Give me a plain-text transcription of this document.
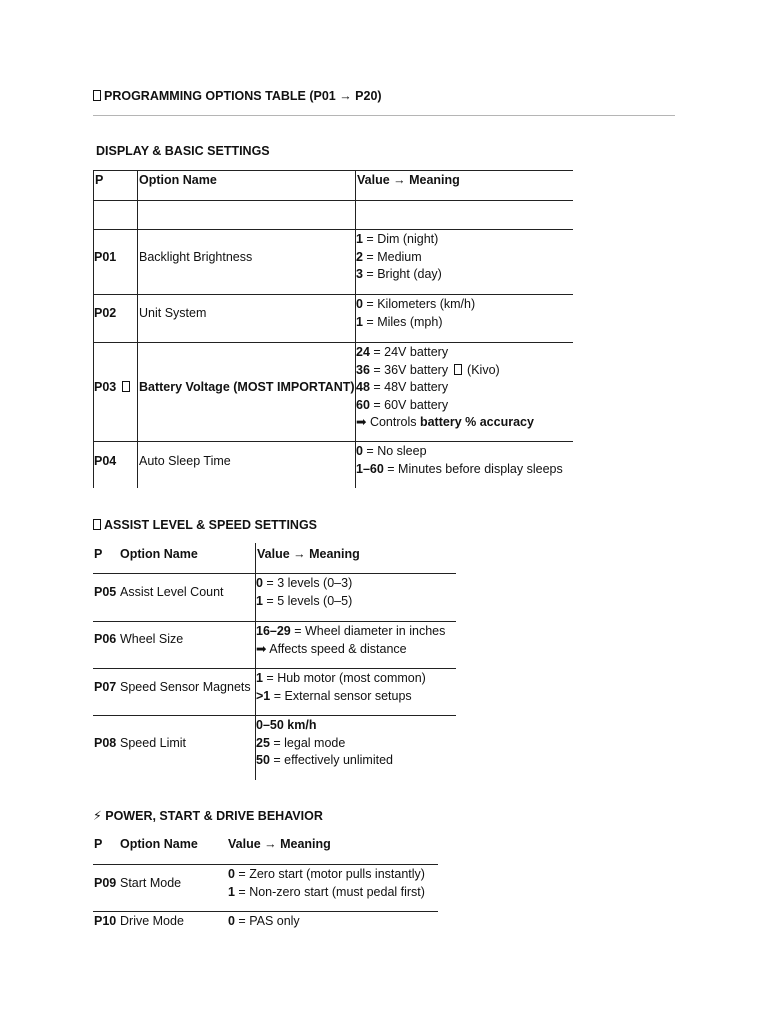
PROGRAMMING OPTIONS TABLE (P01 → P20)
DISPLAY & BASIC SETTINGS
P	Option Name	Value → Meaning
P01 Backlight Brightness
1 = Dim (night)
2 = Medium
3 = Bright (day)
P02 Unit System
0 = Kilometers (km/h)
1 = Miles (mph)
P03	Battery Voltage (MOST IMPORTANT)
24 = 24V battery
36 = 36V battery  (Kivo)
48 = 48V battery
60 = 60V battery
➡ Controls battery % accuracy
P04 Auto Sleep Time
0 = No sleep
1–60 = Minutes before display sleeps
ASSIST LEVEL & SPEED SETTINGS
P Option Name	Value → Meaning
P05 Assist Level Count
0 = 3 levels (0–3)
1 = 5 levels (0–5)
P06 Wheel Size
16–29 = Wheel diameter in inches
➡ Affects speed & distance
P07 Speed Sensor Magnets
1 = Hub motor (most common)
>1 = External sensor setups
P08 Speed Limit
0–50 km/h
25 = legal mode
50 = effectively unlimited
⚡ POWER, START & DRIVE BEHAVIOR
P Option Name Value → Meaning
P09 Start Mode
0 = Zero start (motor pulls instantly)
1 = Non-zero start (must pedal first)
P10 Drive Mode	0 = PAS only
